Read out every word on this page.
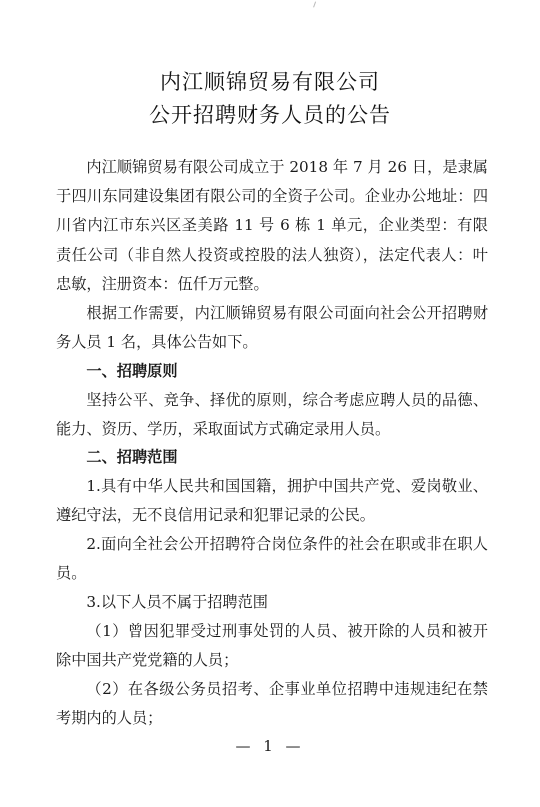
内江顺锦贸易有限公司
公开招聘财务人员的公告

内江顺锦贸易有限公司成立于 2018 年 7 月 26 日，是隶属于四川东同建设集团有限公司的全资子公司。企业办公地址：四川省内江市东兴区圣美路 11 号 6 栋 1 单元，企业类型：有限责任公司（非自然人投资或控股的法人独资），法定代表人：叶忠敏，注册资本：伍仟万元整。

根据工作需要，内江顺锦贸易有限公司面向社会公开招聘财务人员 1 名，具体公告如下。

一、招聘原则

坚持公平、竞争、择优的原则，综合考虑应聘人员的品德、能力、资历、学历，采取面试方式确定录用人员。

二、招聘范围

1.具有中华人民共和国国籍，拥护中国共产党、爱岗敬业、遵纪守法，无不良信用记录和犯罪记录的公民。

2.面向全社会公开招聘符合岗位条件的社会在职或非在职人员。

3.以下人员不属于招聘范围

（1）曾因犯罪受过刑事处罚的人员、被开除的人员和被开除中国共产党党籍的人员；

（2）在各级公务员招考、企事业单位招聘中违规违纪在禁考期内的人员；

— 1 —
